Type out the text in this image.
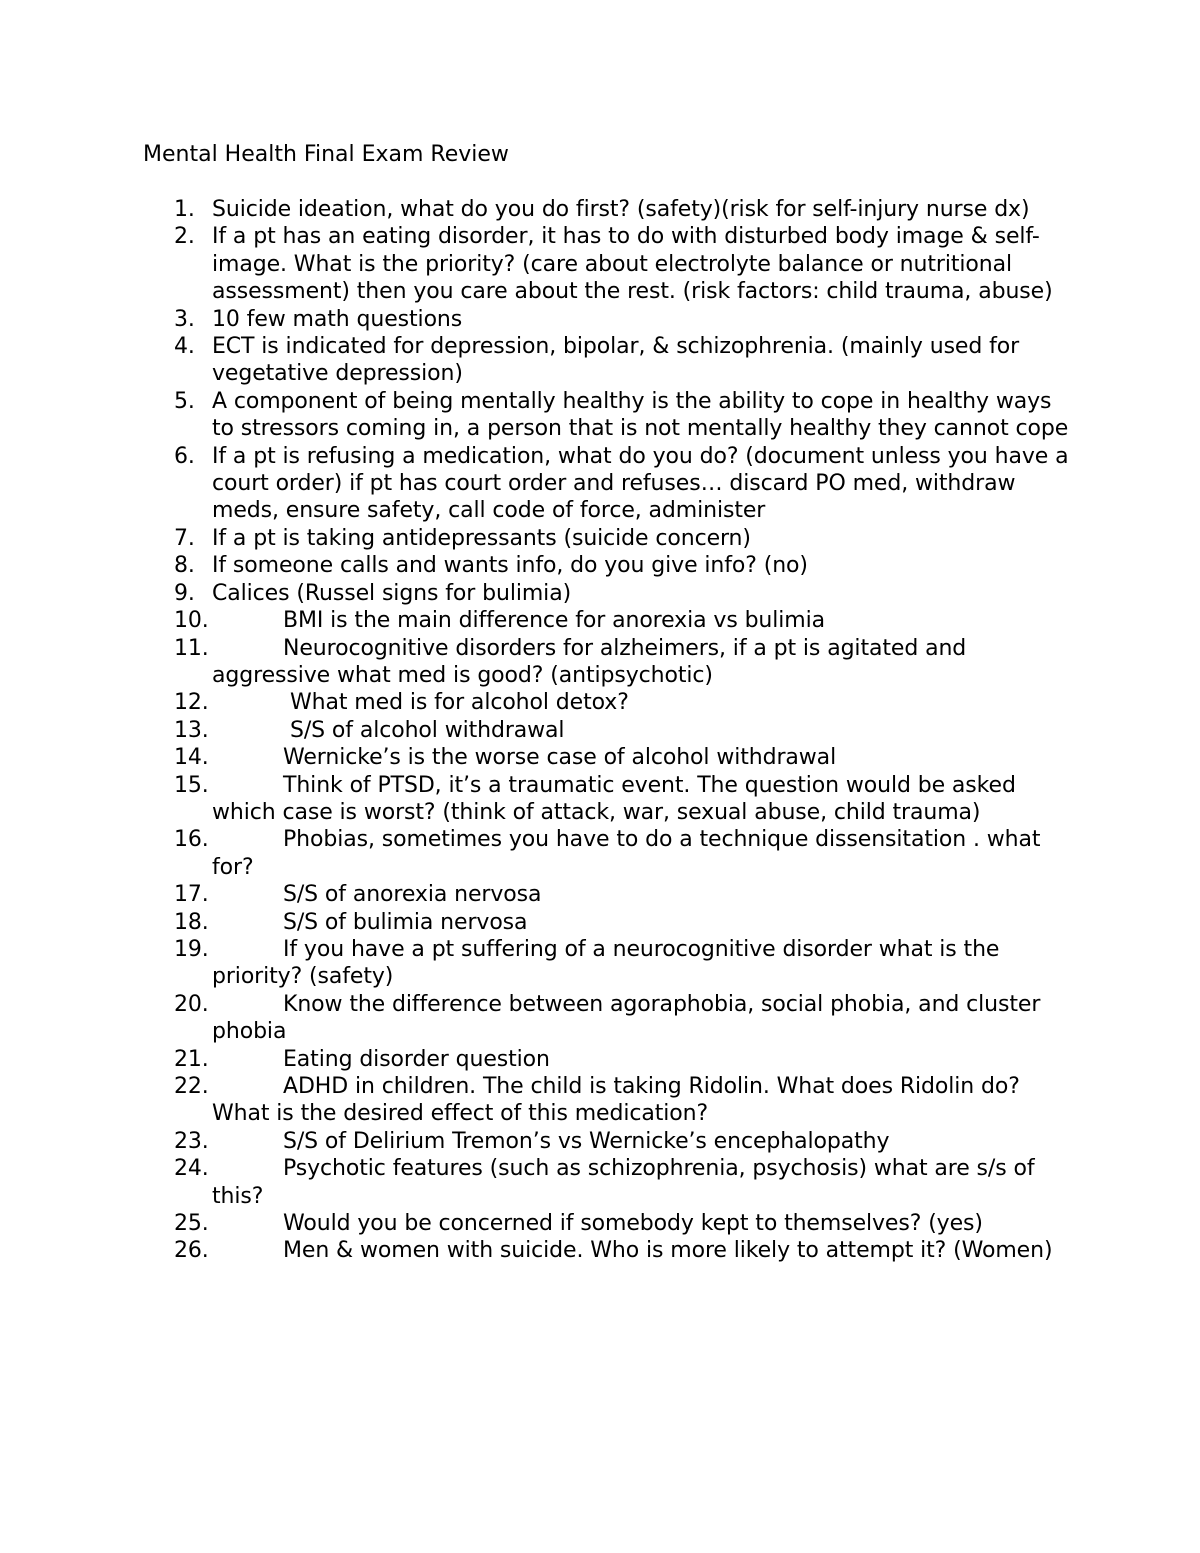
Mental Health Final Exam Review
1. Suicide ideation, what do you do first? (safety)(risk for self-injury nurse dx)
2. If a pt has an eating disorder, it has to do with disturbed body image & self-image. What is the priority? (care about electrolyte balance or nutritional assessment) then you care about the rest. (risk factors: child trauma, abuse)
3. 10 few math questions
4. ECT is indicated for depression, bipolar, & schizophrenia. (mainly used for vegetative depression)
5. A component of being mentally healthy is the ability to cope in healthy ways to stressors coming in, a person that is not mentally healthy they cannot cope
6. If a pt is refusing a medication, what do you do? (document unless you have a court order) if pt has court order and refuses… discard PO med, withdraw meds, ensure safety, call code of force, administer
7. If a pt is taking antidepressants (suicide concern)
8. If someone calls and wants info, do you give info? (no)
9. Calices (Russel signs for bulimia)
10.	BMI is the main difference for anorexia vs bulimia
11.	Neurocognitive disorders for alzheimers, if a pt is agitated and aggressive what med is good? (antipsychotic)
12.	What med is for alcohol detox?
13.	S/S of alcohol withdrawal
14.	Wernicke’s is the worse case of alcohol withdrawal
15.	Think of PTSD, it’s a traumatic event. The question would be asked which case is worst? (think of attack, war, sexual abuse, child trauma)
16.	Phobias, sometimes you have to do a technique dissensitation . what for?
17.	S/S of anorexia nervosa
18.	S/S of bulimia nervosa
19.	If you have a pt suffering of a neurocognitive disorder what is the priority? (safety)
20.	Know the difference between agoraphobia, social phobia, and cluster phobia
21.	Eating disorder question
22.	ADHD in children. The child is taking Ridolin. What does Ridolin do? What is the desired effect of this medication?
23.	S/S of Delirium Tremon’s vs Wernicke’s encephalopathy
24.	Psychotic features (such as schizophrenia, psychosis) what are s/s of this?
25.	Would you be concerned if somebody kept to themselves? (yes)
26.	Men & women with suicide. Who is more likely to attempt it? (Women)
